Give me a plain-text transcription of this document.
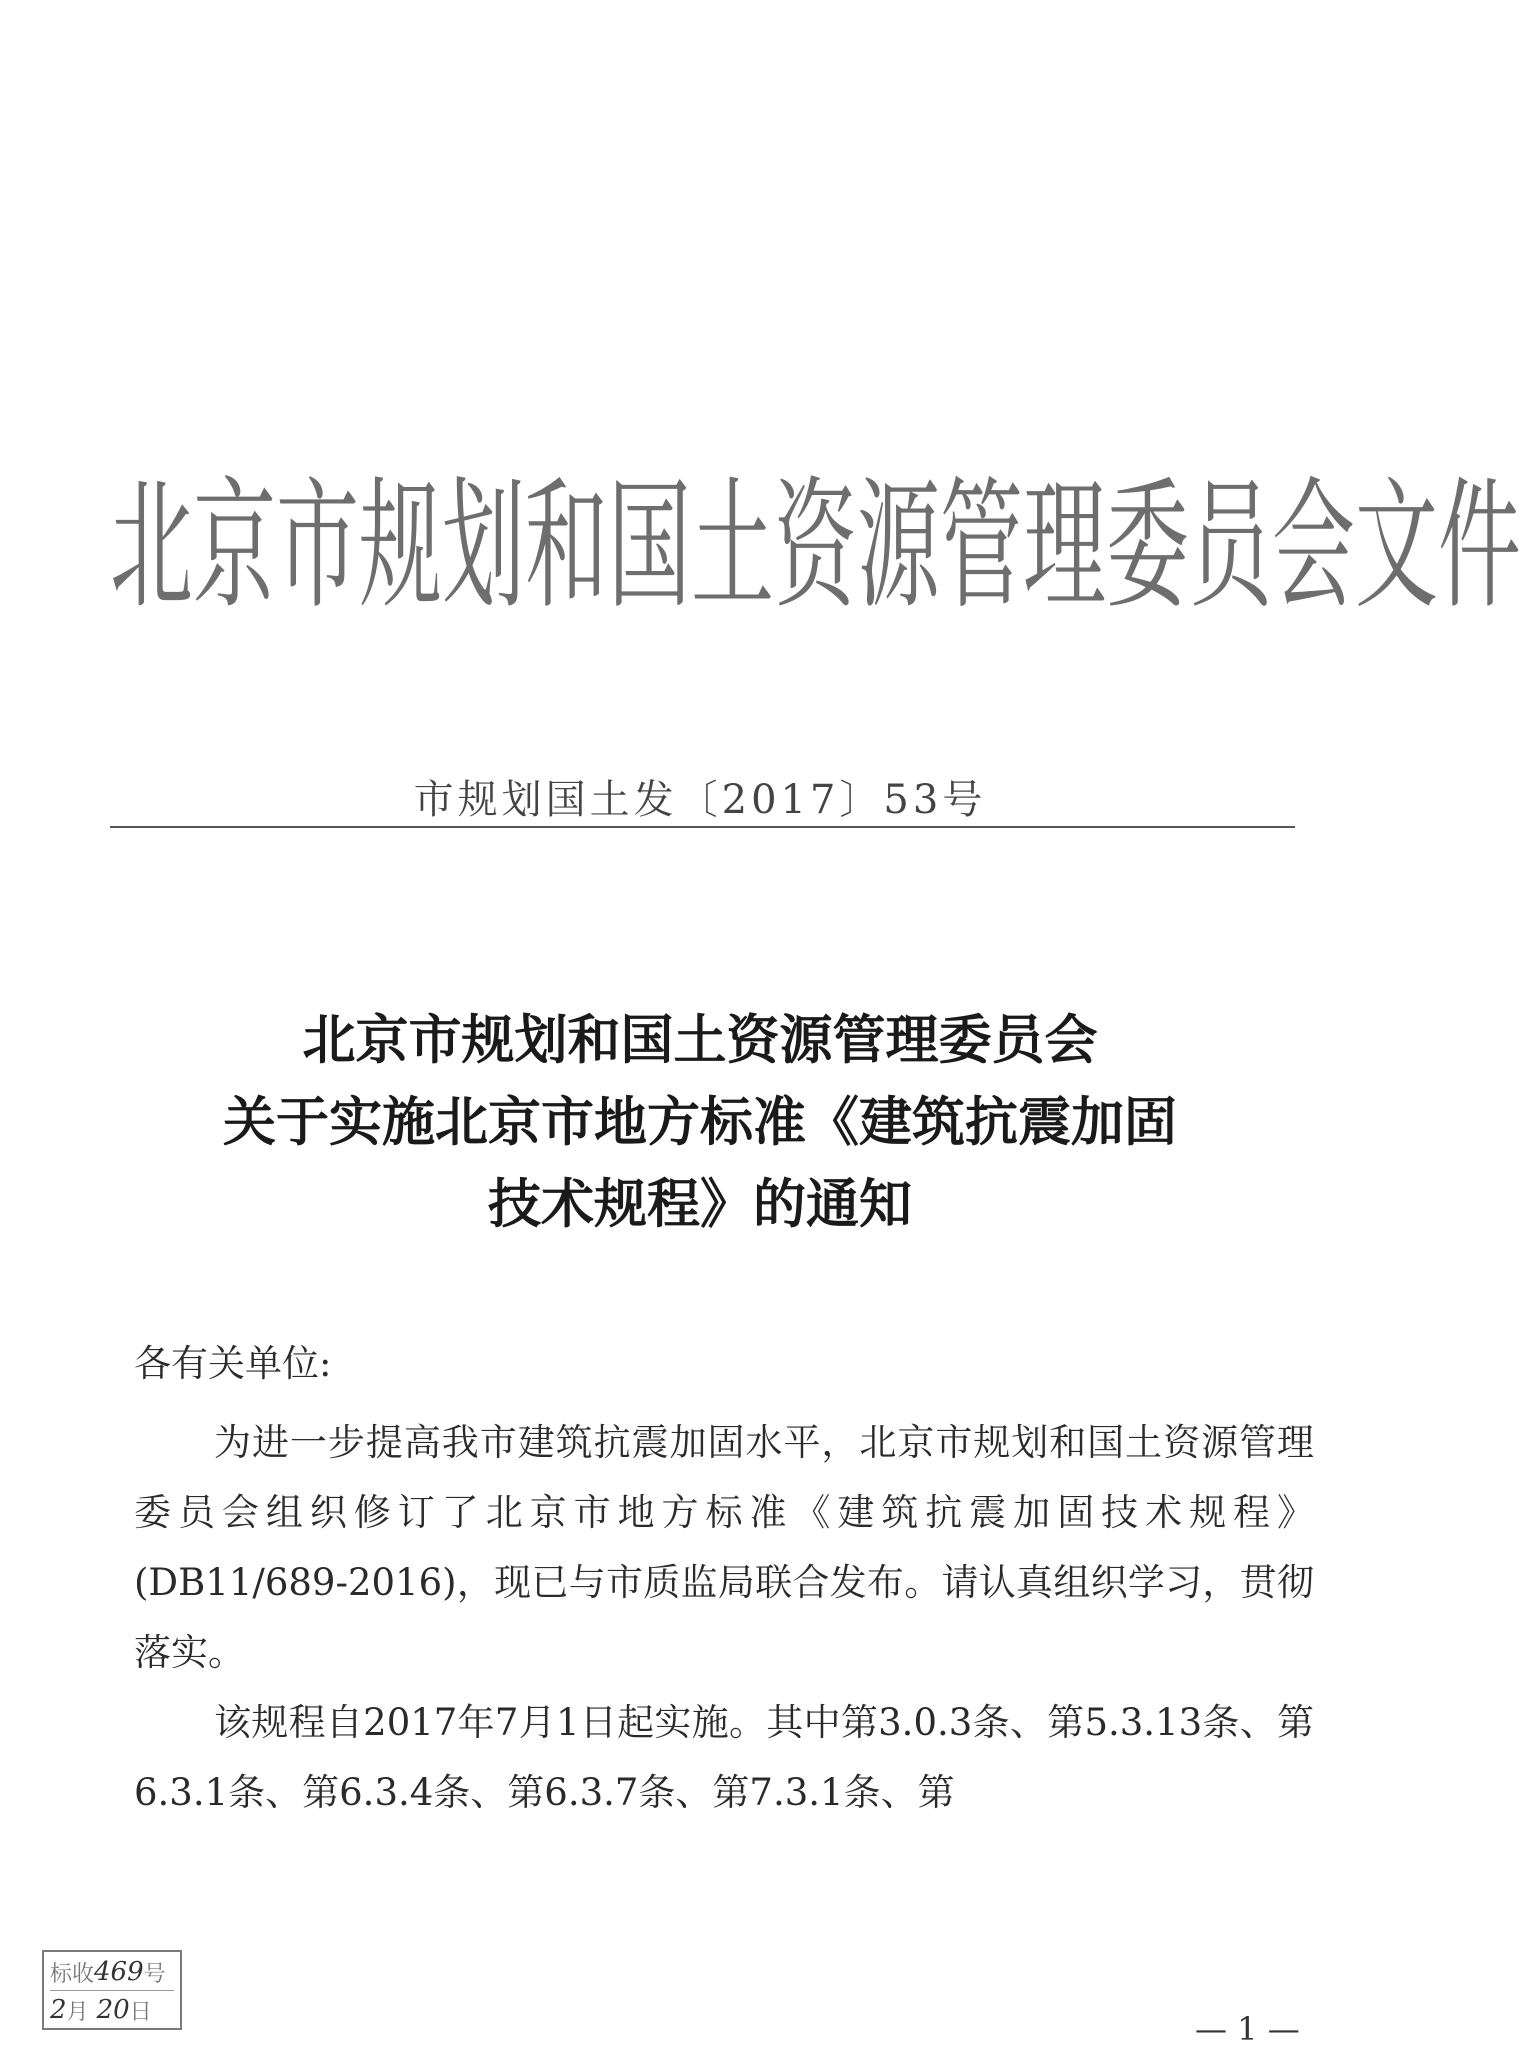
北 京 市 规 划 和 国 土 资 源 管 理 委 员 会 文 件
市规划国土发〔2017〕53号
北京市规划和国土资源管理委员会
关于实施北京市地方标准《建筑抗震加固
技术规程》的通知
各有关单位:

为进一步提高我市建筑抗震加固水平，北京市规划和国土资源管理委员会组织修订了北京市地方标准《建筑抗震加固技术规程》(DB11/689-2016)，现已与市质监局联合发布。请认真组织学习，贯彻落实。

该规程自2017年7月1日起实施。其中第3.0.3条、第5.3.13条、第6.3.1条、第6.3.4条、第6.3.7条、第7.3.1条、第

标收 469 号
2 月 20 日	— 1 —
